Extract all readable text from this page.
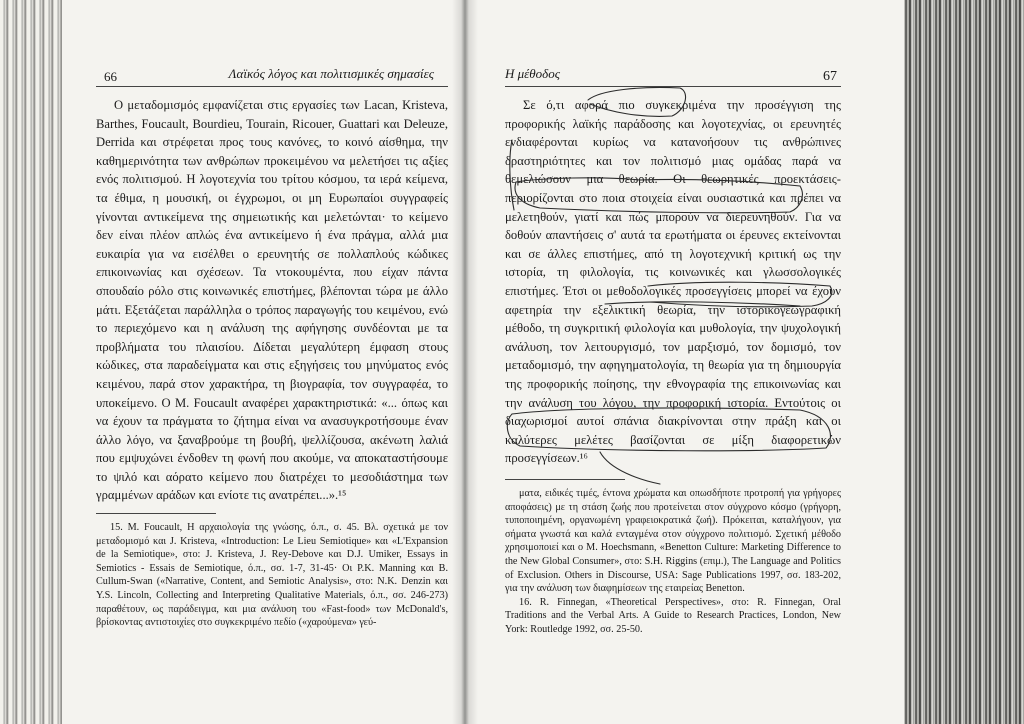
66	Λαϊκός λόγος και πολιτισμικές σημασίες

Ο μεταδομισμός εμφανίζεται στις εργασίες των Lacan, Kristeva, Barthes, Foucault, Bourdieu, Tourain, Ricouer, Guattari και Deleuze, Derrida και στρέφεται προς τους κανόνες, το κοινό αίσθημα, την καθημερινότητα των ανθρώπων προκειμένου να μελετήσει τις αξίες ενός πολιτισμού. Η λογοτεχνία του τρίτου κόσμου, τα ιερά κείμενα, τα έθιμα, η μουσική, οι έγχρωμοι, οι μη Ευρωπαίοι συγγραφείς γίνονται αντικείμενα της σημειωτικής και μελετώνται· το κείμενο δεν είναι πλέον απλώς ένα αντικείμενο ή ένα πράγμα, αλλά μια ευκαιρία για να εισέλθει ο ερευνητής σε πολλαπλούς κώδικες επικοινωνίας και σχέσεων. Τα ντοκουμέντα, που είχαν πάντα σπουδαίο ρόλο στις κοινωνικές επιστήμες, βλέπονται τώρα με άλλο μάτι. Εξετάζεται παράλληλα ο τρόπος παραγωγής του κειμένου, ενώ το περιεχόμενο και η ανάλυση της αφήγησης συνδέονται με τα προβλήματα του πλαισίου. Δίδεται μεγαλύτερη έμφαση στους κώδικες, στα παραδείγματα και στις εξηγήσεις του μηνύματος ενός κειμένου, παρά στον χαρακτήρα, τη βιογραφία, τον συγγραφέα, το υποκείμενο. Ο Μ. Foucault αναφέρει χαρακτηριστικά: «... όπως και να έχουν τα πράγματα το ζήτημα είναι να ανασυγκροτήσουμε έναν άλλο λόγο, να ξαναβρούμε τη βουβή, ψελλίζουσα, ακένωτη λαλιά που εμψυχώνει ένδοθεν τη φωνή που ακούμε, να αποκαταστήσουμε το ψιλό και αόρατο κείμενο που διατρέχει το μεσοδιάστημα των γραμμένων αράδων και ενίοτε τις ανατρέπει...».¹⁵

15. M. Foucault, Η αρχαιολογία της γνώσης, ό.π., σ. 45. Βλ. σχετικά με τον μεταδομισμό και J. Kristeva, «Introduction: Le Lieu Semiotique» και «L'Expansion de la Semiotique», στο: J. Kristeva, J. Rey-Debove και D.J. Umiker, Essays in Semiotics - Essais de Semiotique, ό.π., σσ. 1-7, 31-45· Οι P.K. Manning και B. Cullum-Swan («Narrative, Content, and Semiotic Analysis», στο: N.K. Denzin και Y.S. Lincoln, Collecting and Interpreting Qualitative Materials, ό.π., σσ. 246-273) παραθέτουν, ως παράδειγμα, και μια ανάλυση του «Fast-food» των McDonald's, βρίσκοντας αντιστοιχίες στο συγκεκριμένο πεδίο («χαρούμενα» γεύ-

Η μέθοδος	67

Σε ό,τι αφορά πιο συγκεκριμένα την προσέγγιση της προφορικής λαϊκής παράδοσης και λογοτεχνίας, οι ερευνητές ενδιαφέρονται κυρίως να κατανοήσουν τις ανθρώπινες δραστηριότητες και τον πολιτισμό μιας ομάδας παρά να θεμελιώσουν μια θεωρία. Οι θεωρητικές προεκτάσεις-περιορίζονται στο ποια στοιχεία είναι ουσιαστικά και πρέπει να μελετηθούν, γιατί και πώς μπορούν να διερευνηθούν. Για να δοθούν απαντήσεις σ' αυτά τα ερωτήματα οι έρευνες εκτείνονται και σε άλλες επιστήμες, από τη λογοτεχνική κριτική ως την ιστορία, τη φιλολογία, τις κοινωνικές και γλωσσολογικές επιστήμες. Έτσι οι μεθοδολογικές προσεγγίσεις μπορεί να έχουν αφετηρία την εξελικτική θεωρία, την ιστορικογεωγραφική μέθοδο, τη συγκριτική φιλολογία και μυθολογία, την ψυχολογική ανάλυση, τον λειτουργισμό, τον μαρξισμό, τον δομισμό, τον μεταδομισμό, την αφηγηματολογία, τη θεωρία για τη δημιουργία της προφορικής ποίησης, την εθνογραφία της επικοινωνίας και την ανάλυση του λόγου, την προφορική ιστορία. Εντούτοις οι διαχωρισμοί αυτοί σπάνια διακρίνονται στην πράξη και οι καλύτερες μελέτες βασίζονται σε μίξη διαφορετικών προσεγγίσεων.¹⁶

ματα, ειδικές τιμές, έντονα χρώματα και οπωσδήποτε προτροπή για γρήγορες αποφάσεις) με τη στάση ζωής που προτείνεται στον σύγχρονο κόσμο (γρήγορη, τυποποιημένη, οργανωμένη γραφειοκρατικά ζωή). Πρόκειται, καταλήγουν, για σήματα γνωστά και καλά ενταγμένα στον σύγχρονο πολιτισμό. Σχετική μέθοδο χρησιμοποιεί και ο M. Hoechsmann, «Benetton Culture: Marketing Difference to the New Global Consumer», στο: S.H. Riggins (επιμ.), The Language and Politics of Exclusion. Others in Discourse, USA: Sage Publications 1997, σσ. 183-202, για την ανάλυση των διαφημίσεων της εταιρείας Benetton.

16. R. Finnegan, «Theoretical Perspectives», στο: R. Finnegan, Oral Traditions and the Verbal Arts. A Guide to Research Practices, London, New York: Routledge 1992, σσ. 25-50.
